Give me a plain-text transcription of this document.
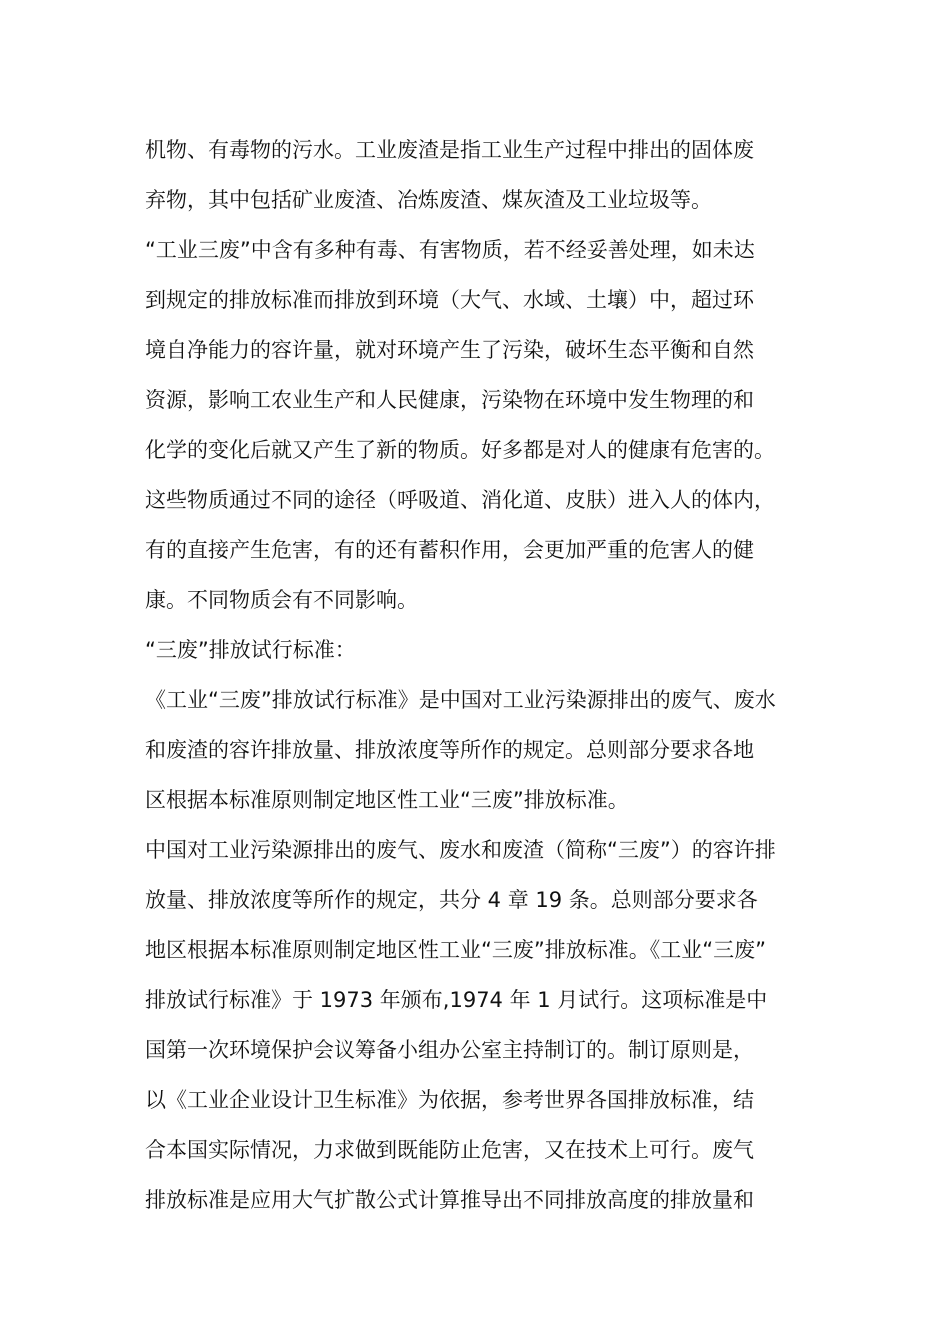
机物、有毒物的污水。工业废渣是指工业生产过程中排出的固体废
弃物，其中包括矿业废渣、冶炼废渣、煤灰渣及工业垃圾等。
“工业三废”中含有多种有毒、有害物质，若不经妥善处理，如未达
到规定的排放标准而排放到环境（大气、水域、土壤）中，超过环
境自净能力的容许量，就对环境产生了污染，破坏生态平衡和自然
资源，影响工农业生产和人民健康，污染物在环境中发生物理的和
化学的变化后就又产生了新的物质。好多都是对人的健康有危害的。
这些物质通过不同的途径（呼吸道、消化道、皮肤）进入人的体内，
有的直接产生危害，有的还有蓄积作用，会更加严重的危害人的健
康。不同物质会有不同影响。
“三废”排放试行标准：
《工业“三废”排放试行标准》是中国对工业污染源排出的废气、废水
和废渣的容许排放量、排放浓度等所作的规定。总则部分要求各地
区根据本标准原则制定地区性工业“三废”排放标准。
中国对工业污染源排出的废气、废水和废渣（简称“三废”）的容许排
放量、排放浓度等所作的规定，共分 4 章 19 条。总则部分要求各
地区根据本标准原则制定地区性工业“三废”排放标准。《工业“三废”
排放试行标准》于 1973 年颁布,1974 年 1 月试行。这项标准是中
国第一次环境保护会议筹备小组办公室主持制订的。制订原则是，
以《工业企业设计卫生标准》为依据，参考世界各国排放标准，结
合本国实际情况，力求做到既能防止危害，又在技术上可行。废气
排放标准是应用大气扩散公式计算推导出不同排放高度的排放量和
